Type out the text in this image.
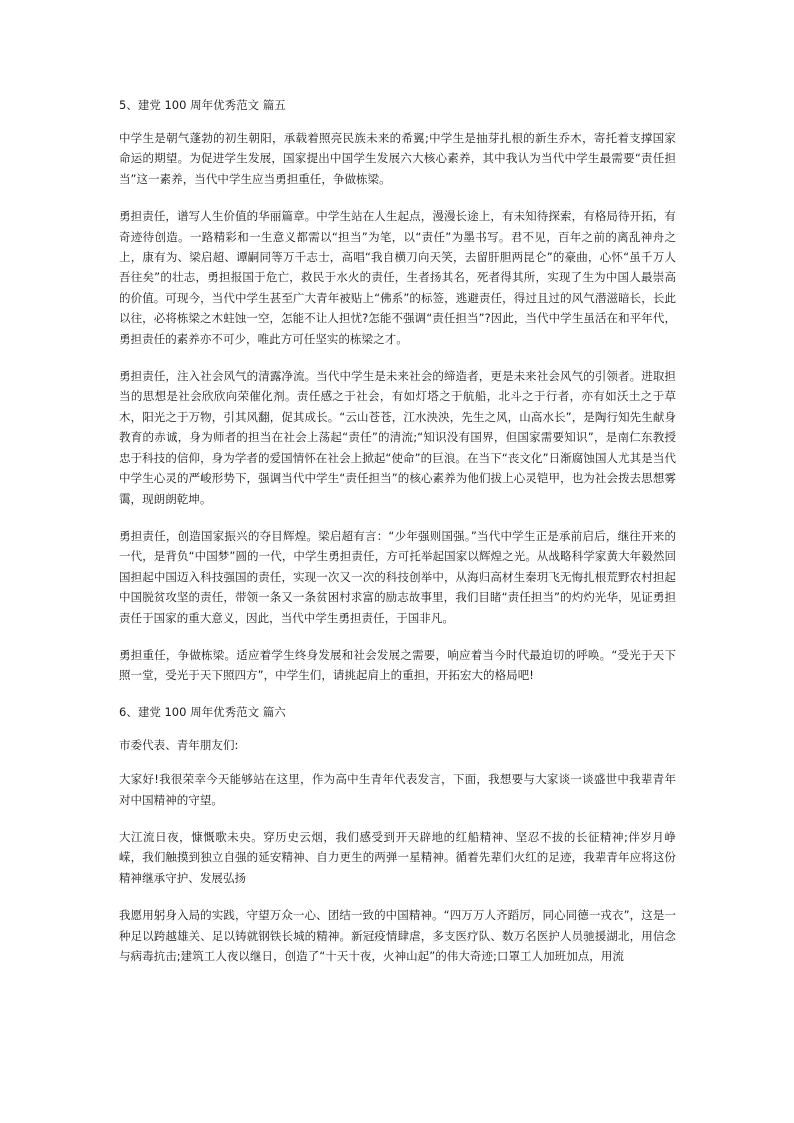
5、建党 100 周年优秀范文 篇五

中学生是朝气蓬勃的初生朝阳，承载着照亮民族未来的希翼;中学生是抽芽扎根的新生乔木，寄托着支撑国家命运的期望。为促进学生发展，国家提出中国学生发展六大核心素养，其中我认为当代中学生最需要“责任担当”这一素养，当代中学生应当勇担重任，争做栋梁。

勇担责任，谱写人生价值的华丽篇章。中学生站在人生起点，漫漫长途上，有未知待探索，有格局待开拓，有奇迹待创造。一路精彩和一生意义都需以“担当”为笔，以“责任”为墨书写。君不见，百年之前的离乱神舟之上，康有为、梁启超、谭嗣同等万千志士，高唱“我自横刀向天笑，去留肝胆两昆仑”的豪曲，心怀“虽千万人吾往矣”的壮志，勇担报国于危亡，救民于水火的责任，生者扬其名，死者得其所，实现了生为中国人最崇高的价值。可现今，当代中学生甚至广大青年被贴上“佛系”的标签，逃避责任，得过且过的风气潜滋暗长，长此以往，必将栋梁之木蛀蚀一空，怎能不让人担忧?怎能不强调“责任担当”?因此，当代中学生虽活在和平年代，勇担责任的素养亦不可少，唯此方可任坚实的栋梁之才。

勇担责任，注入社会风气的清露净流。当代中学生是未来社会的缔造者，更是未来社会风气的引领者。进取担当的思想是社会欣欣向荣催化剂。责任感之于社会，有如灯塔之于航船，北斗之于行者，亦有如沃土之于草木，阳光之于万物，引其风翻，促其成长。“云山苍苍，江水泱泱，先生之风，山高水长”，是陶行知先生献身教育的赤诚，身为师者的担当在社会上荡起“责任”的清流;“知识没有国界，但国家需要知识”，是南仁东教授忠于科技的信仰，身为学者的爱国情怀在社会上掀起“使命”的巨浪。在当下“丧文化”日渐腐蚀国人尤其是当代中学生心灵的严峻形势下，强调当代中学生“责任担当”的核心素养为他们拔上心灵铠甲，也为社会拨去思想雾霭，现朗朗乾坤。

勇担责任，创造国家振兴的夺目辉煌。梁启超有言：“少年强则国强。”当代中学生正是承前启后，继往开来的一代，是背负“中国梦”圆的一代，中学生勇担责任，方可托举起国家以辉煌之光。从战略科学家黄大年毅然回国担起中国迈入科技强国的责任，实现一次又一次的科技创举中，从海归高材生秦玥飞无悔扎根荒野农村担起中国脱贫攻坚的责任，带领一条又一条贫困村求富的励志故事里，我们目睹“责任担当”的灼灼光华，见证勇担责任于国家的重大意义，因此，当代中学生勇担责任，于国非凡。

勇担重任，争做栋梁。适应着学生终身发展和社会发展之需要，响应着当今时代最迫切的呼唤。“受光于天下照一堂，受光于天下照四方”，中学生们，请挑起肩上的重担，开拓宏大的格局吧!

6、建党 100 周年优秀范文 篇六

市委代表、青年朋友们:

大家好!我很荣幸今天能够站在这里，作为高中生青年代表发言，下面，我想要与大家谈一谈盛世中我辈青年对中国精神的守望。

大江流日夜，慷慨歌未央。穿历史云烟，我们感受到开天辟地的红船精神、坚忍不拔的长征精神;伴岁月峥嵘，我们触摸到独立自强的延安精神、自力更生的两弹一星精神。循着先辈们火红的足迹，我辈青年应将这份精神继承守护、发展弘扬

我愿用躬身入局的实践，守望万众一心、团结一致的中国精神。“四万万人齐蹈厉，同心同德一戎衣”，这是一种足以跨越雄关、足以铸就钢铁长城的精神。新冠疫情肆虐，多支医疗队、数万名医护人员驰援湖北，用信念与病毒抗击;建筑工人夜以继日，创造了“十天十夜，火神山起”的伟大奇迹;口罩工人加班加点，用流
